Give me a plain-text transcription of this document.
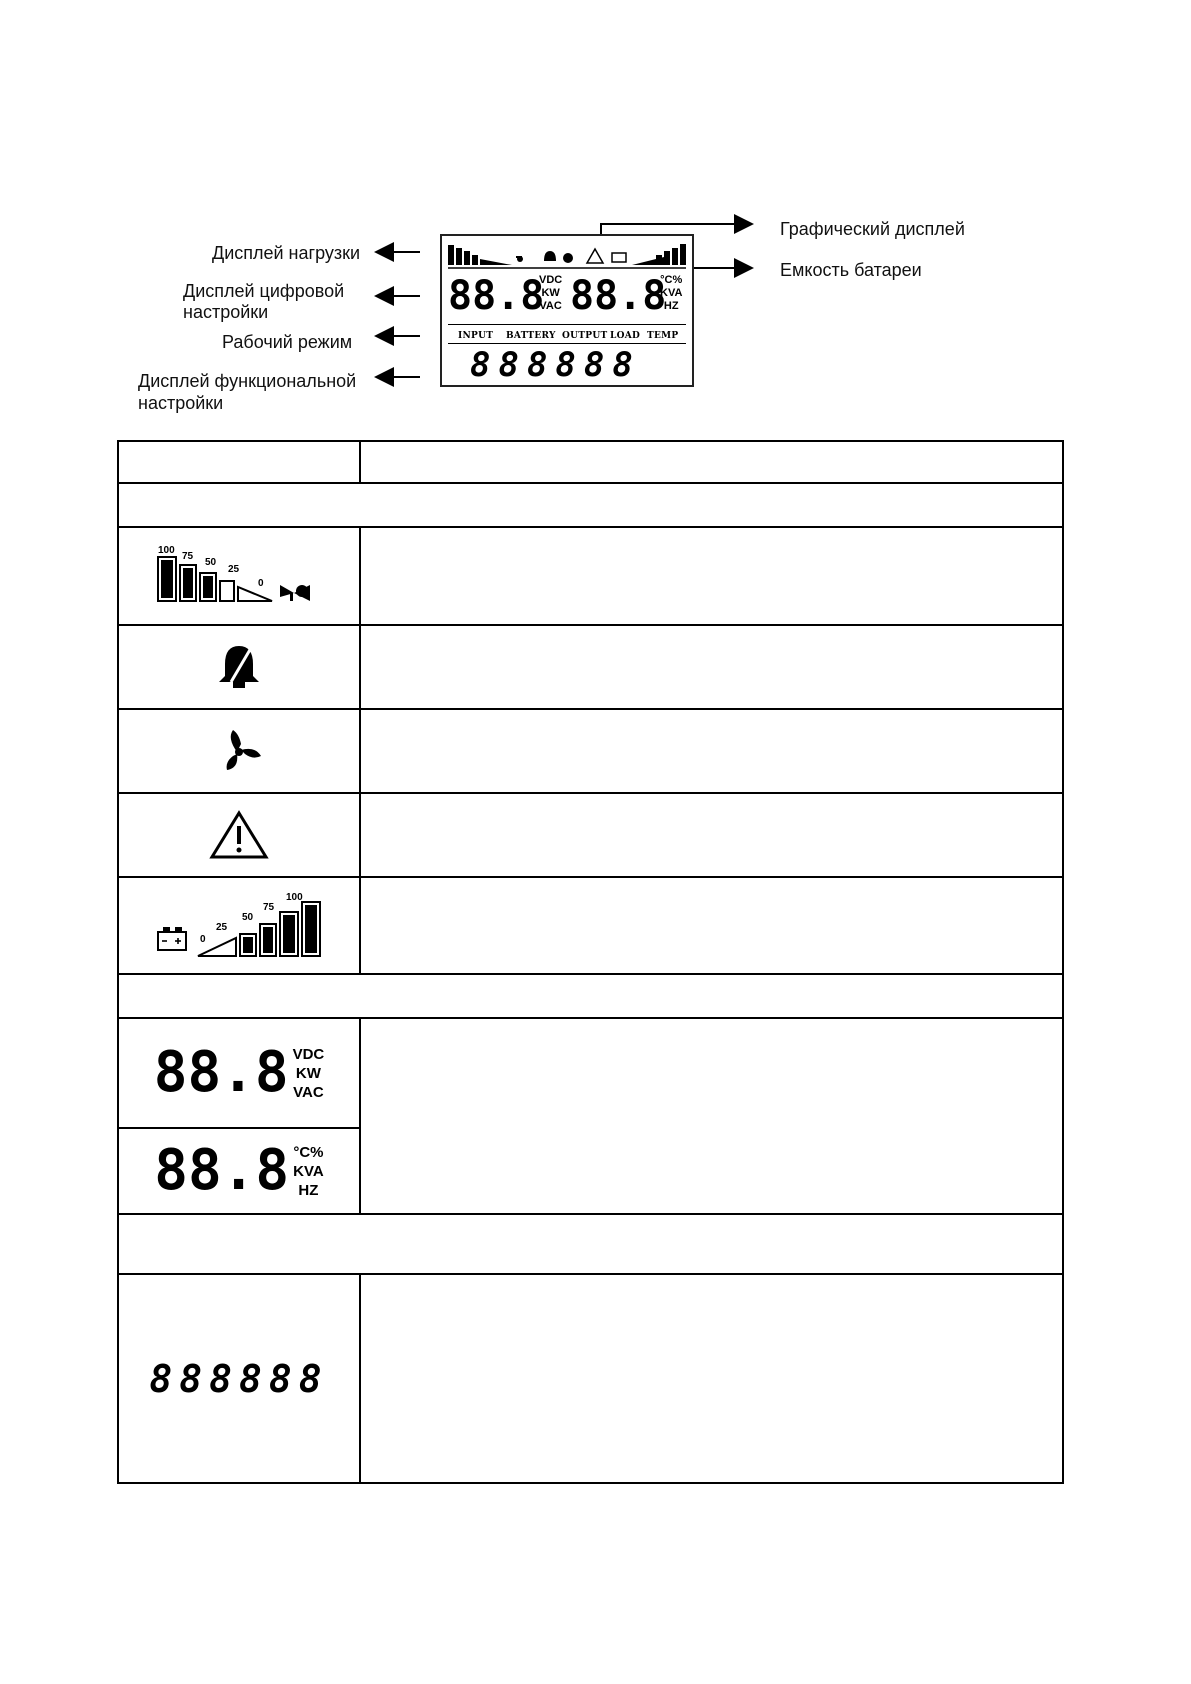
Дисплей нагрузки
Дисплей цифровой
настройки
Рабочий режим
Дисплей функциональной
настройки
Графический дисплей
Емкость батареи
88.8
VDC
KW
VAC 88.8
°C%
KVA
HZ
INPUT BATTERY OUTPUT LOAD TEMP
888888

100
75
50
25
0	

0
25
50
75
100	

88.8 VDC
KW
VAC	

88.8 °C%
KVA
HZ	

888888	
